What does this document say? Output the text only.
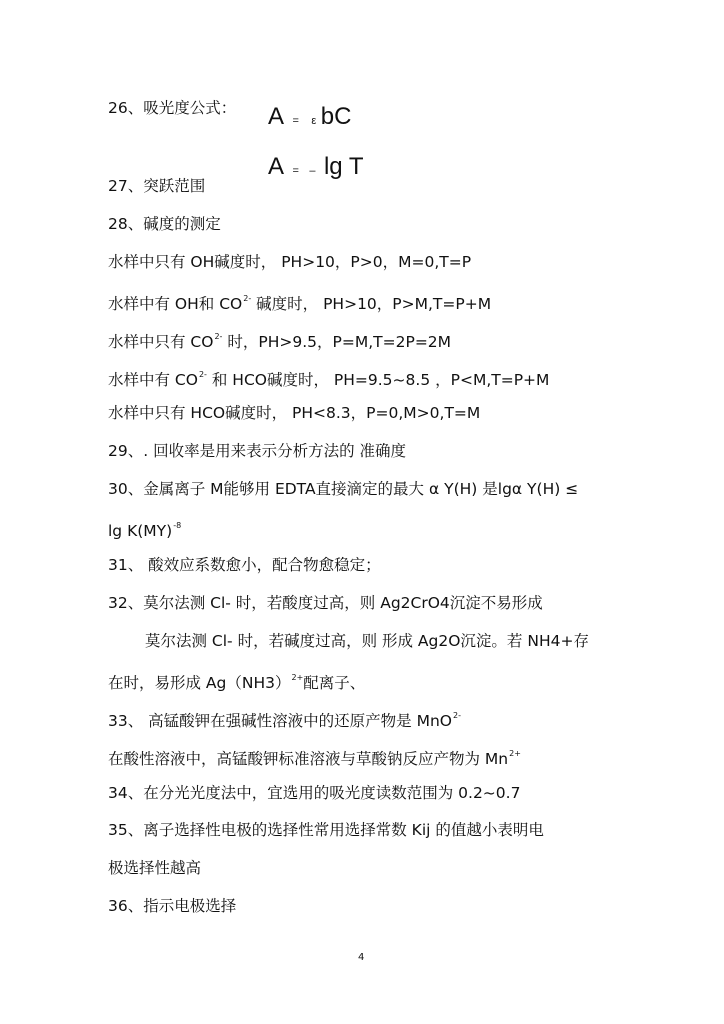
26、吸光度公式： A = ε bC
A = – lg T
27、突跃范围
28、碱度的测定
水样中只有 OH碱度时， PH>10，P>0，M=0,T=P
水样中有 OH和 $CO^{2-}$ 碱度时， PH>10，P>M,T=P+M
水样中只有 $CO^{2-}$ 时，PH>9.5，P=M,T=2P=2M
水样中有 $CO^{2-}$ 和 HCO碱度时， PH=9.5~8.5 ，P<M,T=P+M
水样中只有 HCO碱度时， PH<8.3，P=0,M>0,T=M
29、. 回收率是用来表示分析方法的 准确度
30、金属离子 M能够用 EDTA直接滴定的最大 α Y(H) 是lgα Y(H) ≤
lg K(MY)$^{-8}$
31、 酸效应系数愈小，配合物愈稳定；
32、莫尔法测 Cl- 时，若酸度过高，则 Ag2CrO4沉淀不易形成
莫尔法测 Cl- 时，若碱度过高，则 形成 Ag2O沉淀。若 NH4+存
在时，易形成 $Ag(NH3)^{2+}$配离子、
33、 高锰酸钾在强碱性溶液中的还原产物是 MnO$^{2-}$
在酸性溶液中，高锰酸钾标准溶液与草酸钠反应产物为 $Mn^{2+}$
34、在分光光度法中，宜选用的吸光度读数范围为 0.2~0.7
35、离子选择性电极的选择性常用选择常数 Kij 的值越小表明电
极选择性越高
36、指示电极选择
4
